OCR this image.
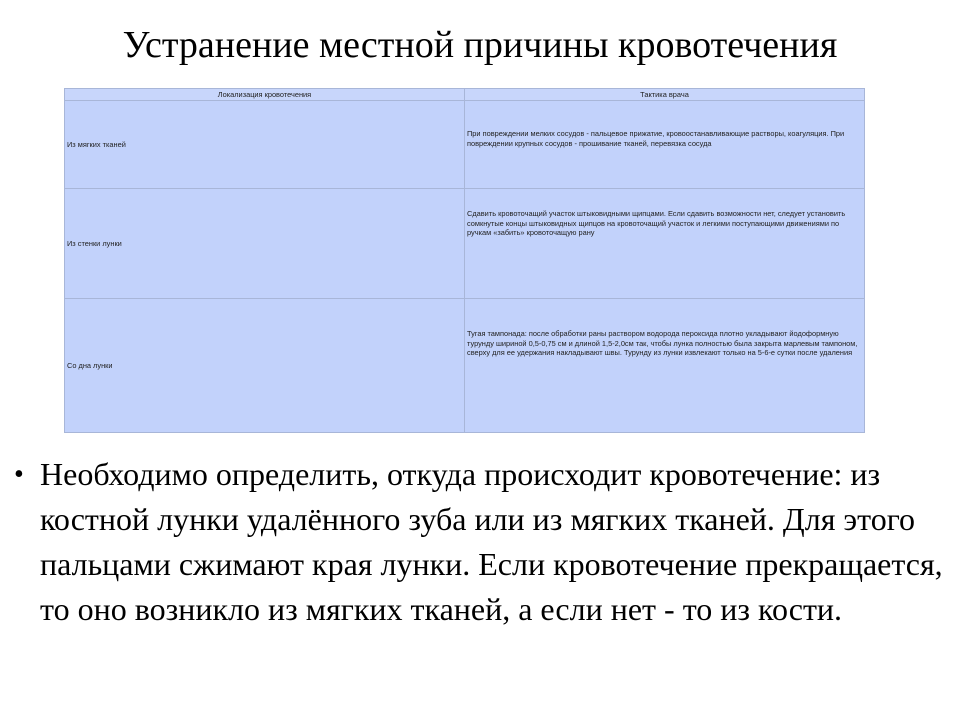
Устранение местной причины кровотечения
Локализация кровотечения	Тактика врача
Из мягких тканей	При повреждении мелких сосудов - пальцевое прижатие, кровоостанавливающие растворы, коагуляция. При повреждении крупных сосудов - прошивание тканей, перевязка сосуда
Из стенки лунки	Сдавить кровоточащий участок штыковидными щипцами. Если сдавить возможности нет, следует установить сомкнутые концы штыковидных щипцов на кровоточащий участок и легкими поступающими движениями по ручкам «забить» кровоточащую рану
Со дна лунки	Тугая тампонада: после обработки раны раствором водорода пероксида плотно укладывают йодоформную турунду шириной 0,5-0,75 см и длиной 1,5-2,0см так, чтобы лунка полностью была закрыта марлевым тампоном, сверху для ее удержания накладывают швы. Турунду из лунки извлекают только на 5-6-е сутки после удаления
• Необходимо определить, откуда происходит кровотечение: из костной лунки удалённого зуба или из мягких тканей. Для этого пальцами сжимают края лунки. Если кровотечение прекращается, то оно возникло из мягких тканей, а если нет - то из кости.
